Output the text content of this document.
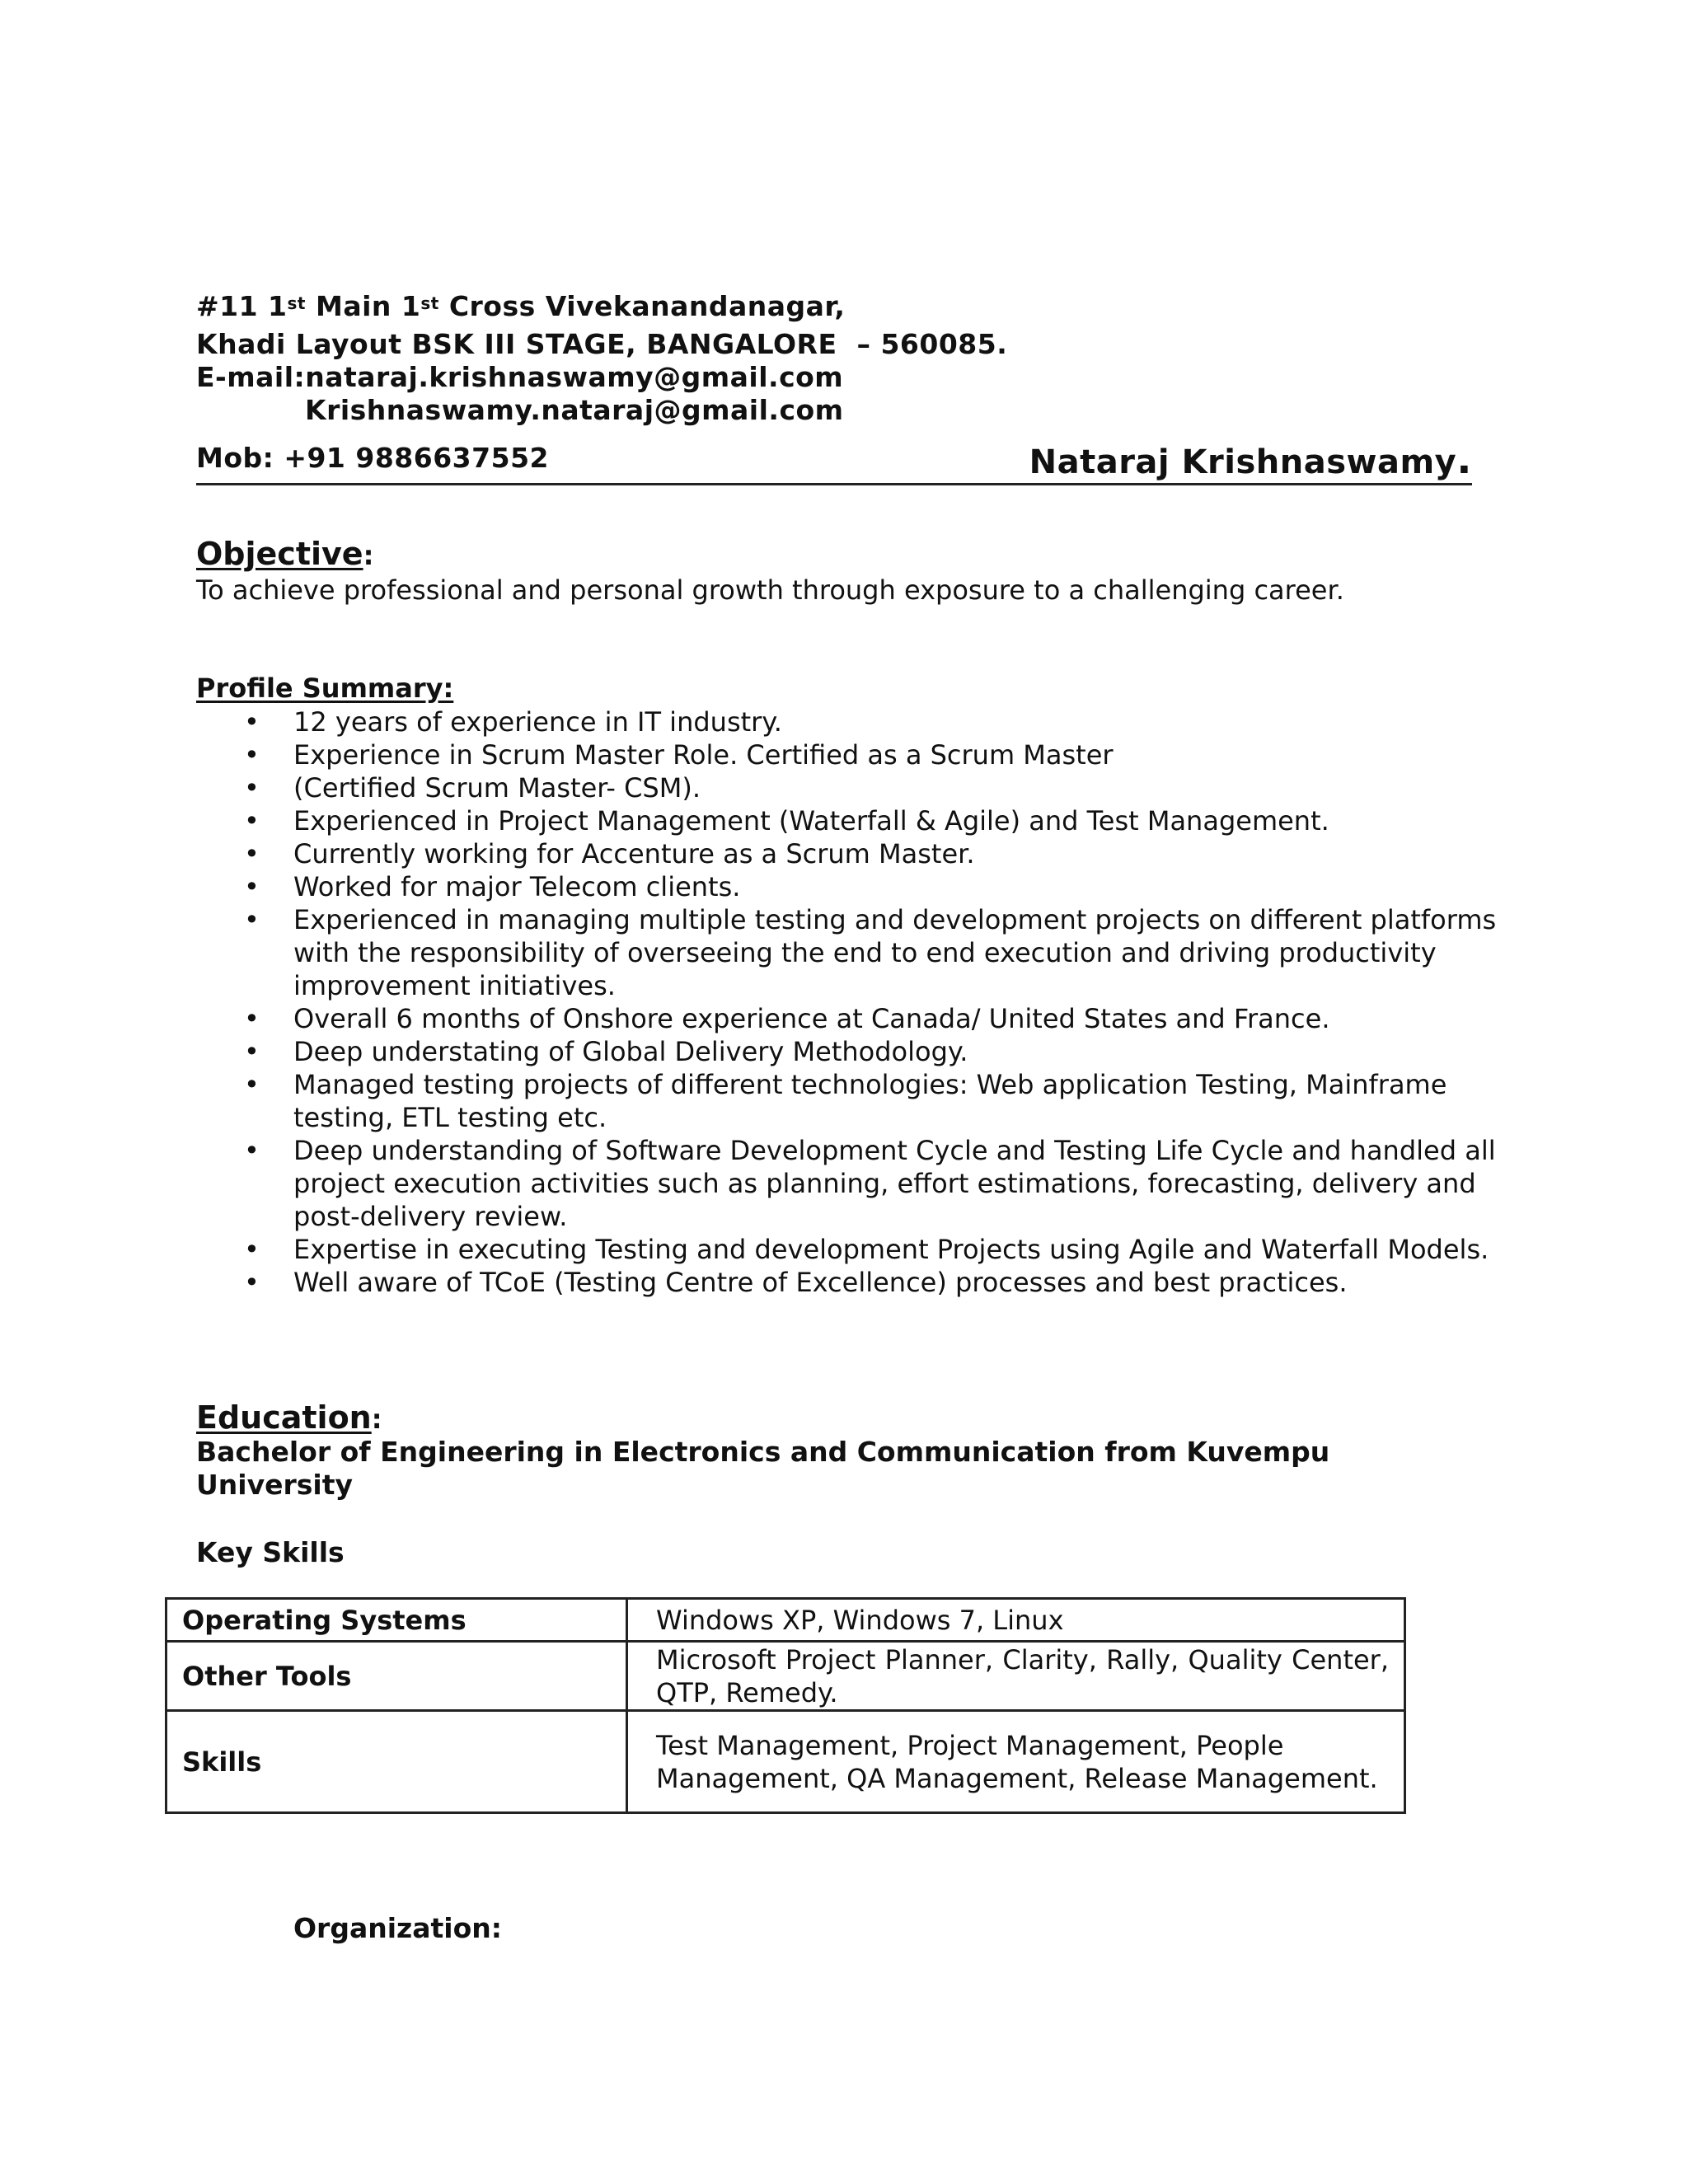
#11 1st Main 1st Cross Vivekanandanagar,
Khadi Layout BSK III STAGE, BANGALORE  – 560085.
E-mail:nataraj.krishnaswamy@gmail.com
Krishnaswamy.nataraj@gmail.com
Mob: +91 9886637552	Nataraj Krishnaswamy.
Objective:
To achieve professional and personal growth through exposure to a challenging career.
Profile Summary:
• 12 years of experience in IT industry.
• Experience in Scrum Master Role. Certified as a Scrum Master
• (Certified Scrum Master- CSM).
• Experienced in Project Management (Waterfall & Agile) and Test Management.
• Currently working for Accenture as a Scrum Master.
• Worked for major Telecom clients.
• Experienced in managing multiple testing and development projects on different platforms with the responsibility of overseeing the end to end execution and driving productivity improvement initiatives.
• Overall 6 months of Onshore experience at Canada/ United States and France.
• Deep understating of Global Delivery Methodology.
• Managed testing projects of different technologies: Web application Testing, Mainframe testing, ETL testing etc.
• Deep understanding of Software Development Cycle and Testing Life Cycle and handled all project execution activities such as planning, effort estimations, forecasting, delivery and post-delivery review.
• Expertise in executing Testing and development Projects using Agile and Waterfall Models.
• Well aware of TCoE (Testing Centre of Excellence) processes and best practices.
Education:
Bachelor of Engineering in Electronics and Communication from Kuvempu University
Key Skills
Operating Systems	Windows XP, Windows 7, Linux
Other Tools	Microsoft Project Planner, Clarity, Rally, Quality Center, QTP, Remedy.
Skills	Test Management, Project Management, People Management, QA Management, Release Management.
Organization:
